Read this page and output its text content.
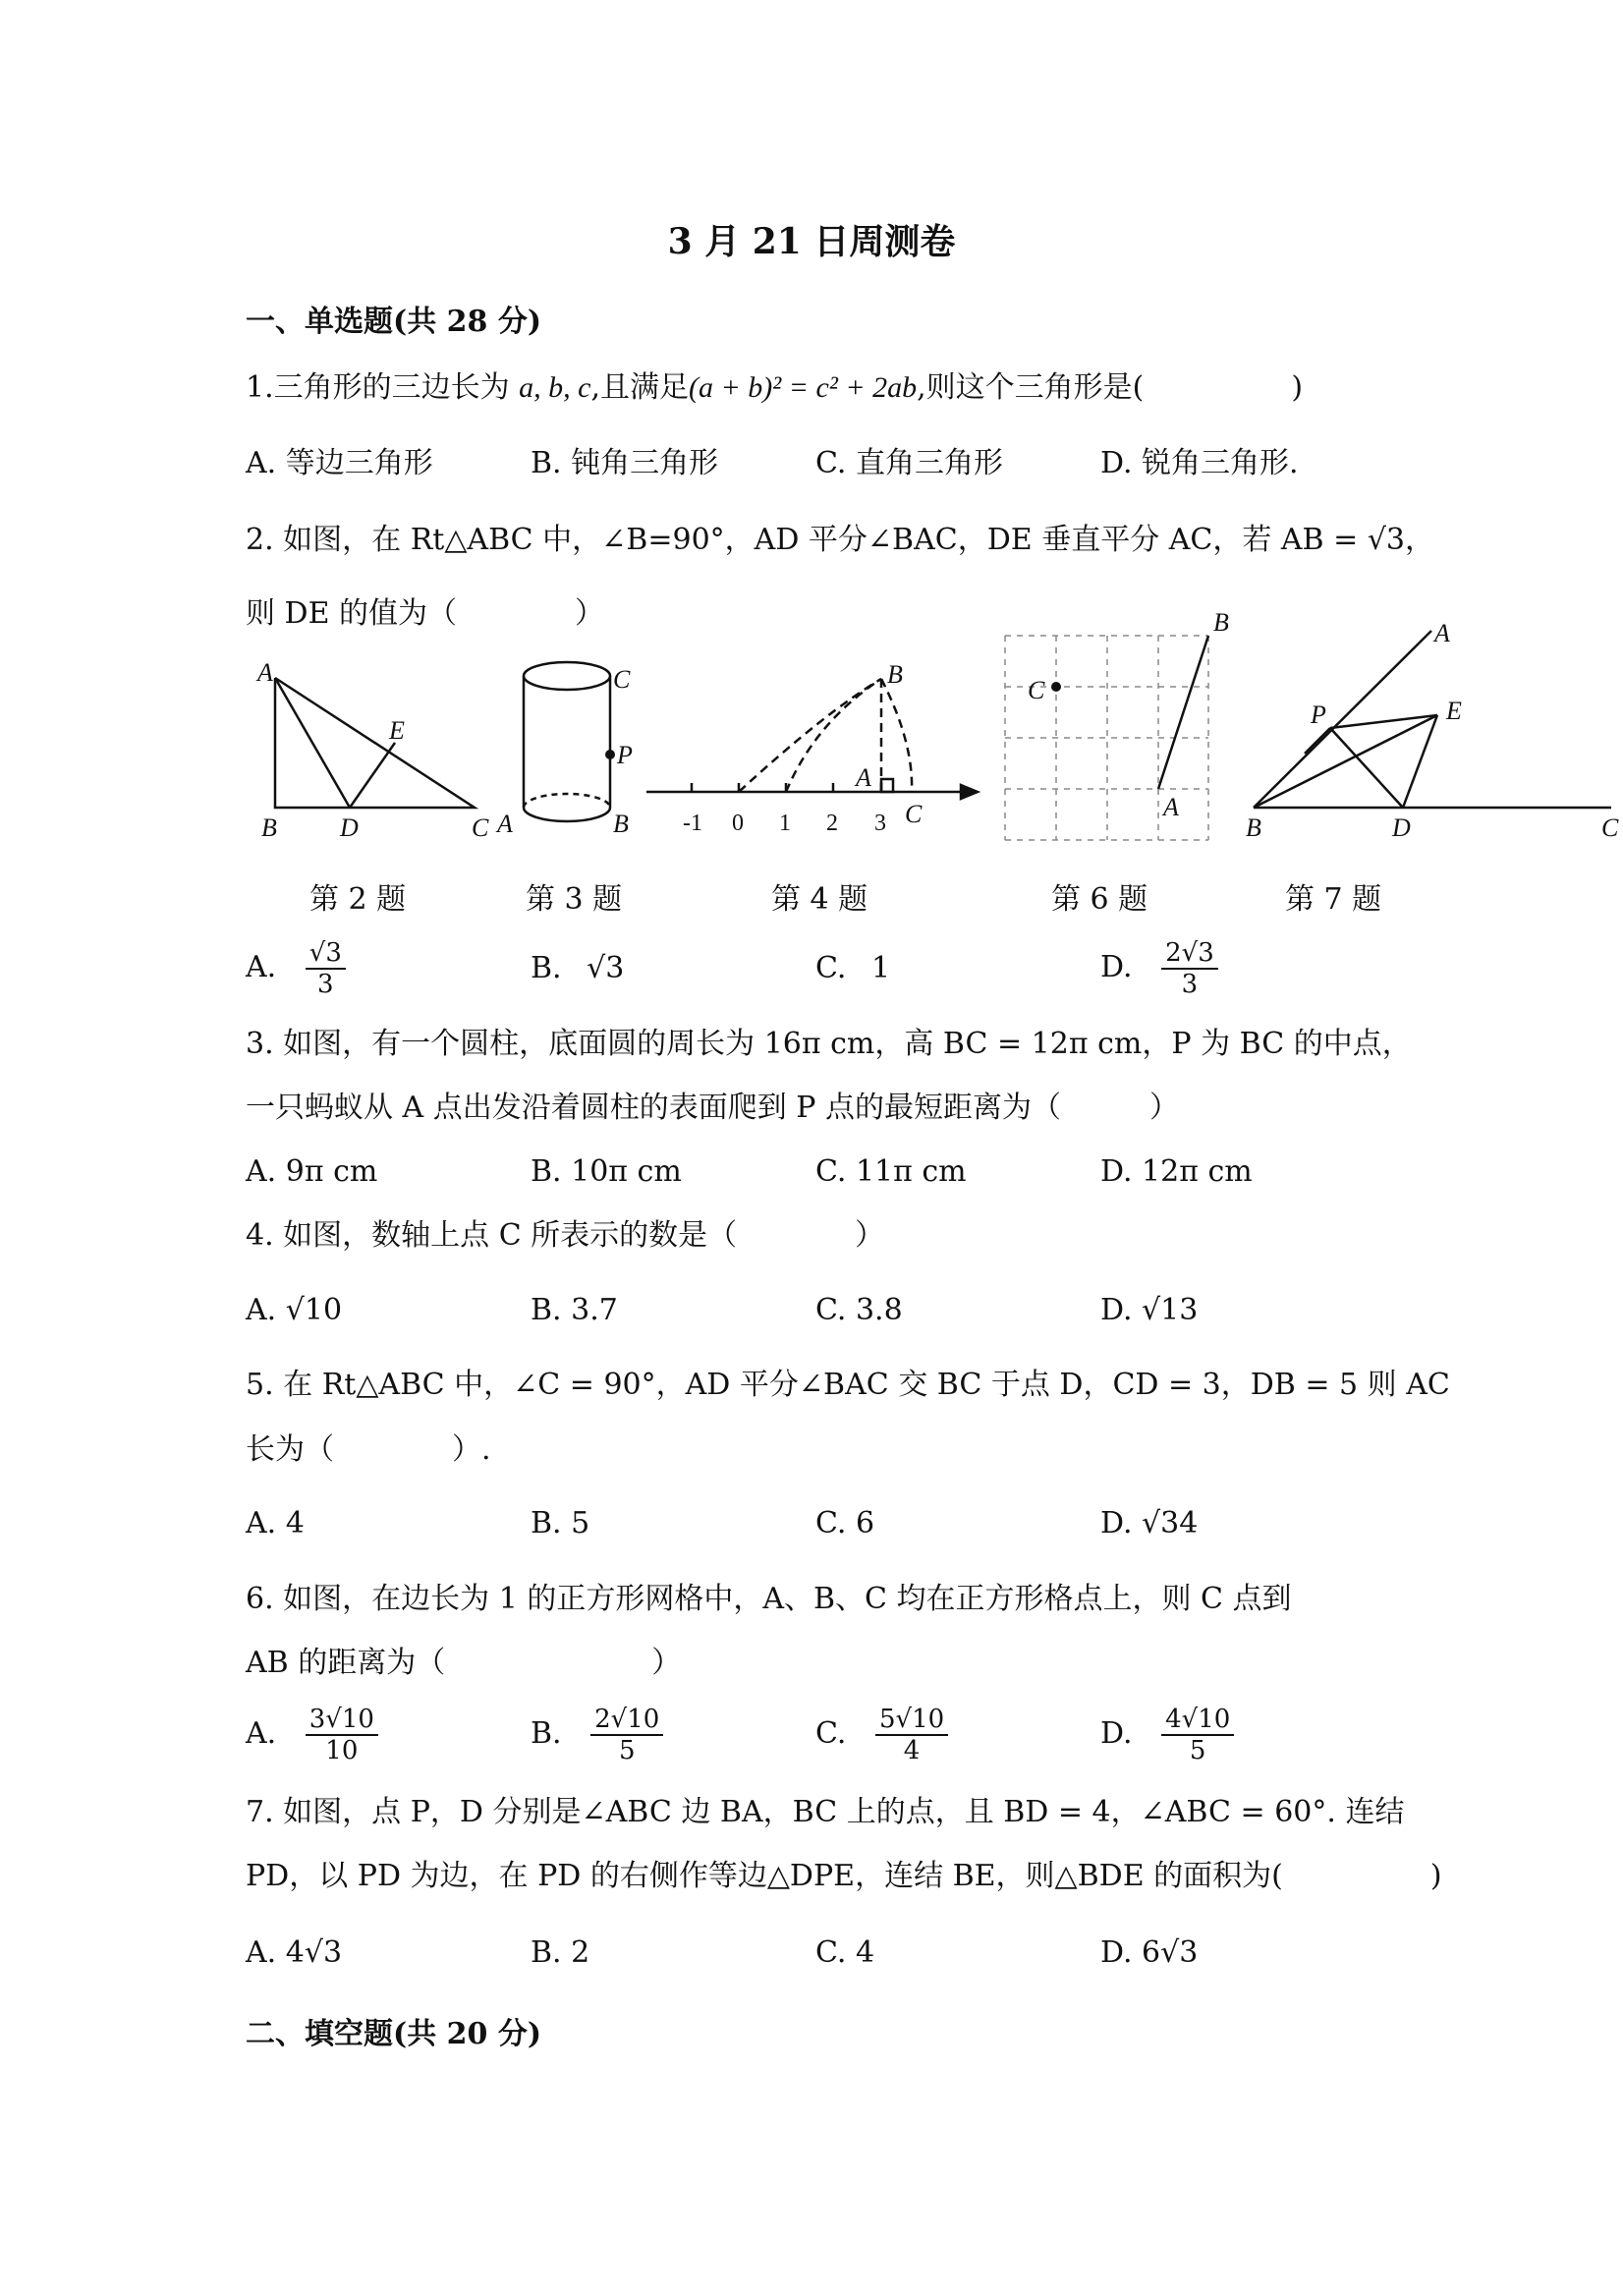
3 月 21 日周测卷
一、单选题(共 28 分)
1.三角形的三边长为 a, b, c,且满足(a + b)² = c² + 2ab,则这个三角形是(　　　　　)
A. 等边三角形	B. 钝角三角形	C. 直角三角形	D. 锐角三角形.
2. 如图，在 Rt△ABC 中，∠B=90°，AD 平分∠BAC，DE 垂直平分 AC，若 AB = √3，
则 DE 的值为（　　　　）
A
B D
E
C
C
P
A	B
A
B
C
B
C
A
A
P	E
B	D	C
-1 0 1 2 3
第 2 题	第 3 题	第 4 题	第 6 题	第 7 题
A. $\frac{√3}{3}$	B. √3	C. 1	D. $\frac{2√3}{3}$
3. 如图，有一个圆柱，底面圆的周长为 16π cm，高 BC = 12π cm，P 为 BC 的中点，
一只蚂蚁从 A 点出发沿着圆柱的表面爬到 P 点的最短距离为（　　　）
A. 9π cm	B. 10π cm	C. 11π cm	D. 12π cm
4. 如图，数轴上点 C 所表示的数是（　　　　）
A. √10	B. 3.7	C. 3.8	D. √13
5. 在 Rt△ABC 中，∠C = 90°，AD 平分∠BAC 交 BC 于点 D，CD = 3，DB = 5 则 AC
长为（　　　　）.
A. 4	B. 5	C. 6	D. √34
6. 如图，在边长为 1 的正方形网格中，A、B、C 均在正方形格点上，则 C 点到
AB 的距离为（　　　　　　　）
A. $\frac{3√10}{10}$	B. $\frac{2√10}{5}$	C. $\frac{5√10}{4}$	D. $\frac{4√10}{5}$
7. 如图，点 P，D 分别是∠ABC 边 BA，BC 上的点，且 BD = 4，∠ABC = 60°. 连结
PD，以 PD 为边，在 PD 的右侧作等边△DPE，连结 BE，则△BDE 的面积为(　　　　　)
A. 4√3	B. 2	C. 4	D. 6√3
二、填空题(共 20 分)
